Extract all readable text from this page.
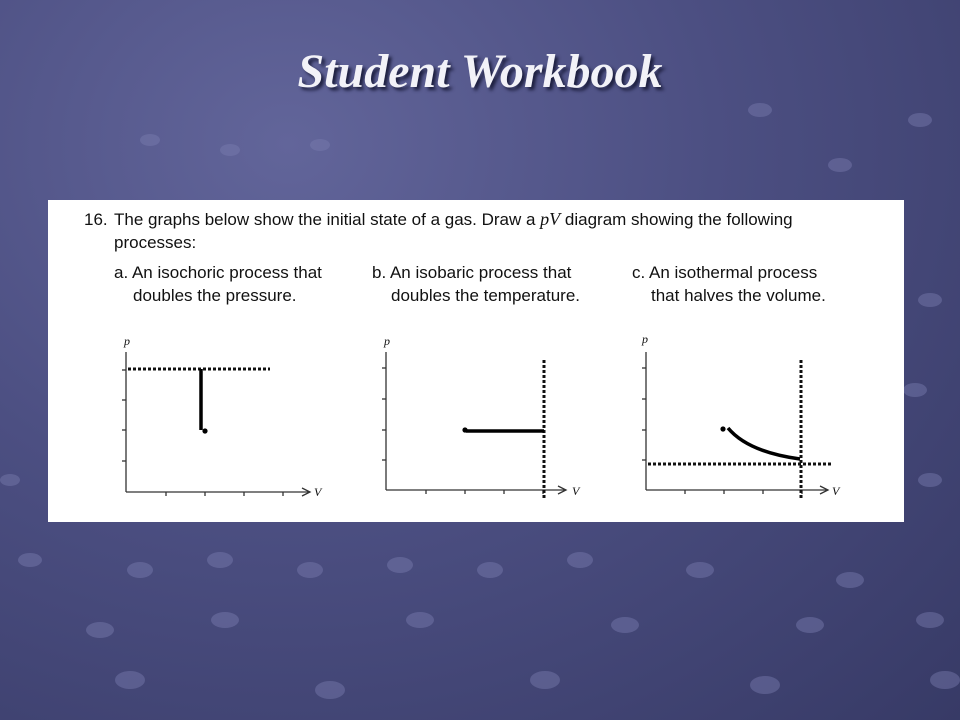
Student Workbook
16. The graphs below show the initial state of a gas. Draw a pV diagram showing the following processes:
a. An isochoric process that
doubles the pressure.
b. An isobaric process that
doubles the temperature.
c. An isothermal process
that halves the volume.
p
V
p
V
p
V
